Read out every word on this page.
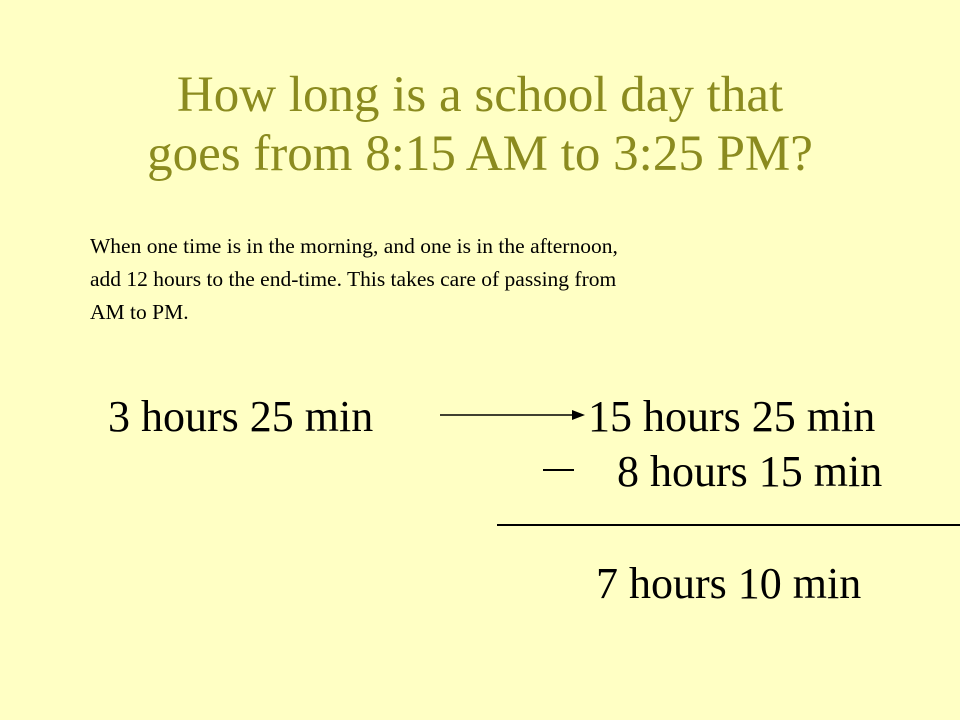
How long is a school day that
goes from 8:15 AM to 3:25 PM?
When one time is in the morning, and one is in the afternoon,
add 12 hours to the end-time. This takes care of passing from
AM to PM.
3 hours 25 min	15 hours 25 min
8 hours 15 min
7 hours 10 min
